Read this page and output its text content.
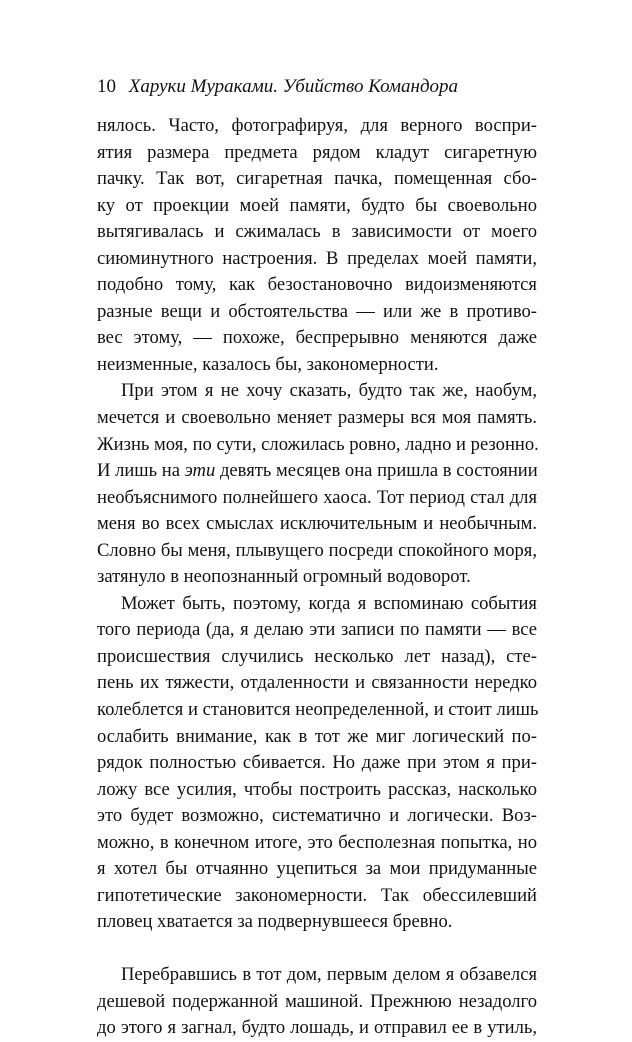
10 Харуки Мураками. Убийство Командора
нялось. Часто, фотографируя, для верного воспри-
ятия размера предмета рядом кладут сигаретную
пачку. Так вот, сигаретная пачка, помещенная сбо-
ку от проекции моей памяти, будто бы своевольно
вытягивалась и сжималась в зависимости от моего
сиюминутного настроения. В пределах моей памяти,
подобно тому, как безостановочно видоизменяются
разные вещи и обстоятельства — или же в противо-
вес этому, — похоже, беспрерывно меняются даже
неизменные, казалось бы, закономерности.
При этом я не хочу сказать, будто так же, наобум,
мечется и своевольно меняет размеры вся моя память.
Жизнь моя, по сути, сложилась ровно, ладно и резонно.
И лишь на эти девять месяцев она пришла в состоянии
необъяснимого полнейшего хаоса. Тот период стал для
меня во всех смыслах исключительным и необычным.
Словно бы меня, плывущего посреди спокойного моря,
затянуло в неопознанный огромный водоворот.
Может быть, поэтому, когда я вспоминаю события
того периода (да, я делаю эти записи по памяти — все
происшествия случились несколько лет назад), сте-
пень их тяжести, отдаленности и связанности нередко
колеблется и становится неопределенной, и стоит лишь
ослабить внимание, как в тот же миг логический по-
рядок полностью сбивается. Но даже при этом я при-
ложу все усилия, чтобы построить рассказ, насколько
это будет возможно, систематично и логически. Воз-
можно, в конечном итоге, это бесполезная попытка, но
я хотел бы отчаянно уцепиться за мои придуманные
гипотетические закономерности. Так обессилевший
пловец хватается за подвернувшееся бревно.
Перебравшись в тот дом, первым делом я обзавелся
дешевой подержанной машиной. Прежнюю незадолго
до этого я загнал, будто лошадь, и отправил ее в утиль,
